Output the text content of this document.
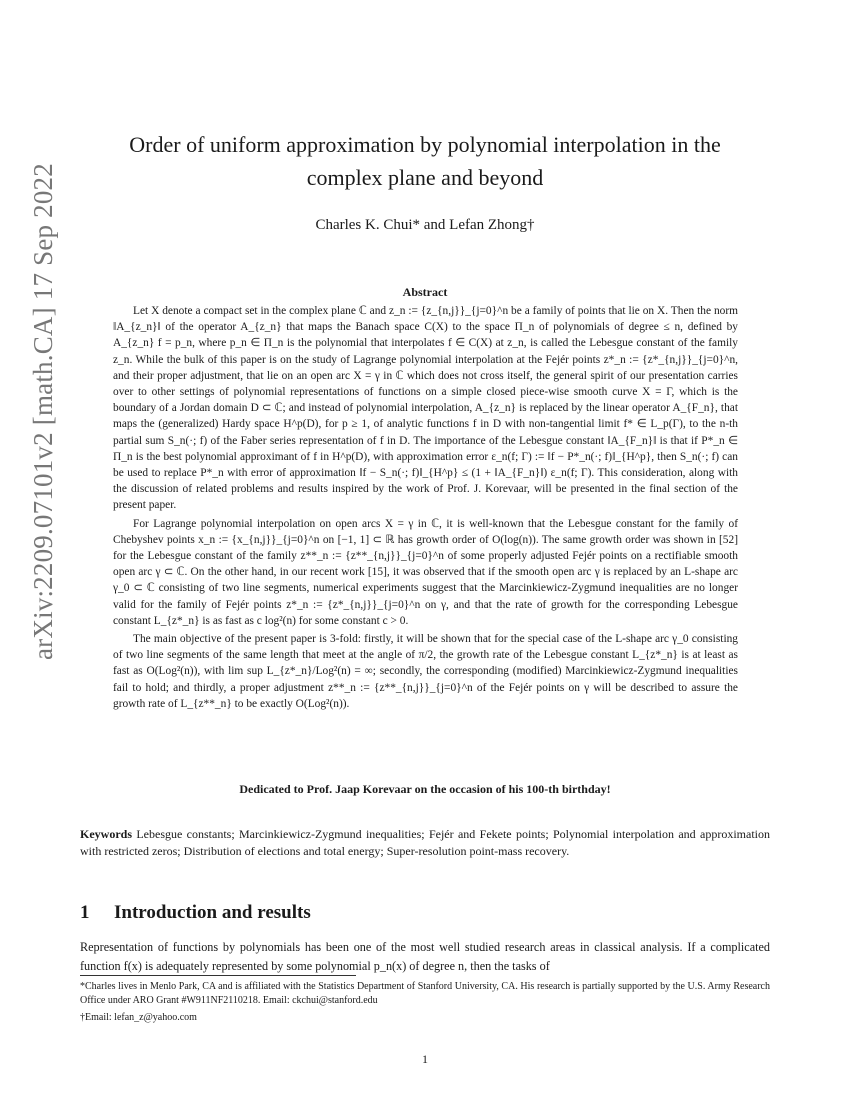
arXiv:2209.07101v2 [math.CA] 17 Sep 2022
Order of uniform approximation by polynomial interpolation in the
complex plane and beyond
Charles K. Chui* and Lefan Zhong†
Abstract

Let X denote a compact set in the complex plane ℂ and z_n := {z_{n,j}}_{j=0}^n be a family of points that lie on X. Then the norm ‖A_{z_n}‖ of the operator A_{z_n} that maps the Banach space C(X) to the space Π_n of polynomials of degree ≤ n, defined by A_{z_n} f = p_n, where p_n ∈ Π_n is the polynomial that interpolates f ∈ C(X) at z_n, is called the Lebesgue constant of the family z_n. While the bulk of this paper is on the study of Lagrange polynomial interpolation at the Fejér points z*_n := {z*_{n,j}}_{j=0}^n, and their proper adjustment, that lie on an open arc X = γ in ℂ which does not cross itself, the general spirit of our presentation carries over to other settings of polynomial representations of functions on a simple closed piece-wise smooth curve X = Γ, which is the boundary of a Jordan domain D ⊂ ℂ; and instead of polynomial interpolation, A_{z_n} is replaced by the linear operator A_{F_n}, that maps the (generalized) Hardy space H^p(D), for p ≥ 1, of analytic functions f in D with non-tangential limit f* ∈ L_p(Γ), to the n-th partial sum S_n(·; f) of the Faber series representation of f in D. The importance of the Lebesgue constant ‖A_{F_n}‖ is that if P*_n ∈ Π_n is the best polynomial approximant of f in H^p(D), with approximation error ε_n(f; Γ) := ‖f − P*_n(·; f)‖_{H^p}, then S_n(·; f) can be used to replace P*_n with error of approximation ‖f − S_n(·; f)‖_{H^p} ≤ (1 + ‖A_{F_n}‖) ε_n(f; Γ). This consideration, along with the discussion of related problems and results inspired by the work of Prof. J. Korevaar, will be presented in the final section of the present paper.

For Lagrange polynomial interpolation on open arcs X = γ in ℂ, it is well-known that the Lebesgue constant for the family of Chebyshev points x_n := {x_{n,j}}_{j=0}^n on [−1, 1] ⊂ ℝ has growth order of O(log(n)). The same growth order was shown in [52] for the Lebesgue constant of the family z**_n := {z**_{n,j}}_{j=0}^n of some properly adjusted Fejér points on a rectifiable smooth open arc γ ⊂ ℂ. On the other hand, in our recent work [15], it was observed that if the smooth open arc γ is replaced by an L-shape arc γ_0 ⊂ ℂ consisting of two line segments, numerical experiments suggest that the Marcinkiewicz-Zygmund inequalities are no longer valid for the family of Fejér points z*_n := {z*_{n,j}}_{j=0}^n on γ, and that the rate of growth for the corresponding Lebesgue constant L_{z*_n} is as fast as c log²(n) for some constant c > 0.

The main objective of the present paper is 3-fold: firstly, it will be shown that for the special case of the L-shape arc γ_0 consisting of two line segments of the same length that meet at the angle of π/2, the growth rate of the Lebesgue constant L_{z*_n} is at least as fast as O(Log²(n)), with lim sup L_{z*_n}/Log²(n) = ∞; secondly, the corresponding (modified) Marcinkiewicz-Zygmund inequalities fail to hold; and thirdly, a proper adjustment z**_n := {z**_{n,j}}_{j=0}^n of the Fejér points on γ will be described to assure the growth rate of L_{z**_n} to be exactly O(Log²(n)).

Dedicated to Prof. Jaap Korevaar on the occasion of his 100-th birthday!
Keywords Lebesgue constants; Marcinkiewicz-Zygmund inequalities; Fejér and Fekete points; Polynomial interpolation and approximation with restricted zeros; Distribution of elections and total energy; Super-resolution point-mass recovery.
1 Introduction and results
Representation of functions by polynomials has been one of the most well studied research areas in classical analysis. If a complicated function f(x) is adequately represented by some polynomial p_n(x) of degree n, then the tasks of
*Charles lives in Menlo Park, CA and is affiliated with the Statistics Department of Stanford University, CA. His research is partially supported by the U.S. Army Research Office under ARO Grant #W911NF2110218. Email: ckchui@stanford.edu
†Email: lefan_z@yahoo.com
1
